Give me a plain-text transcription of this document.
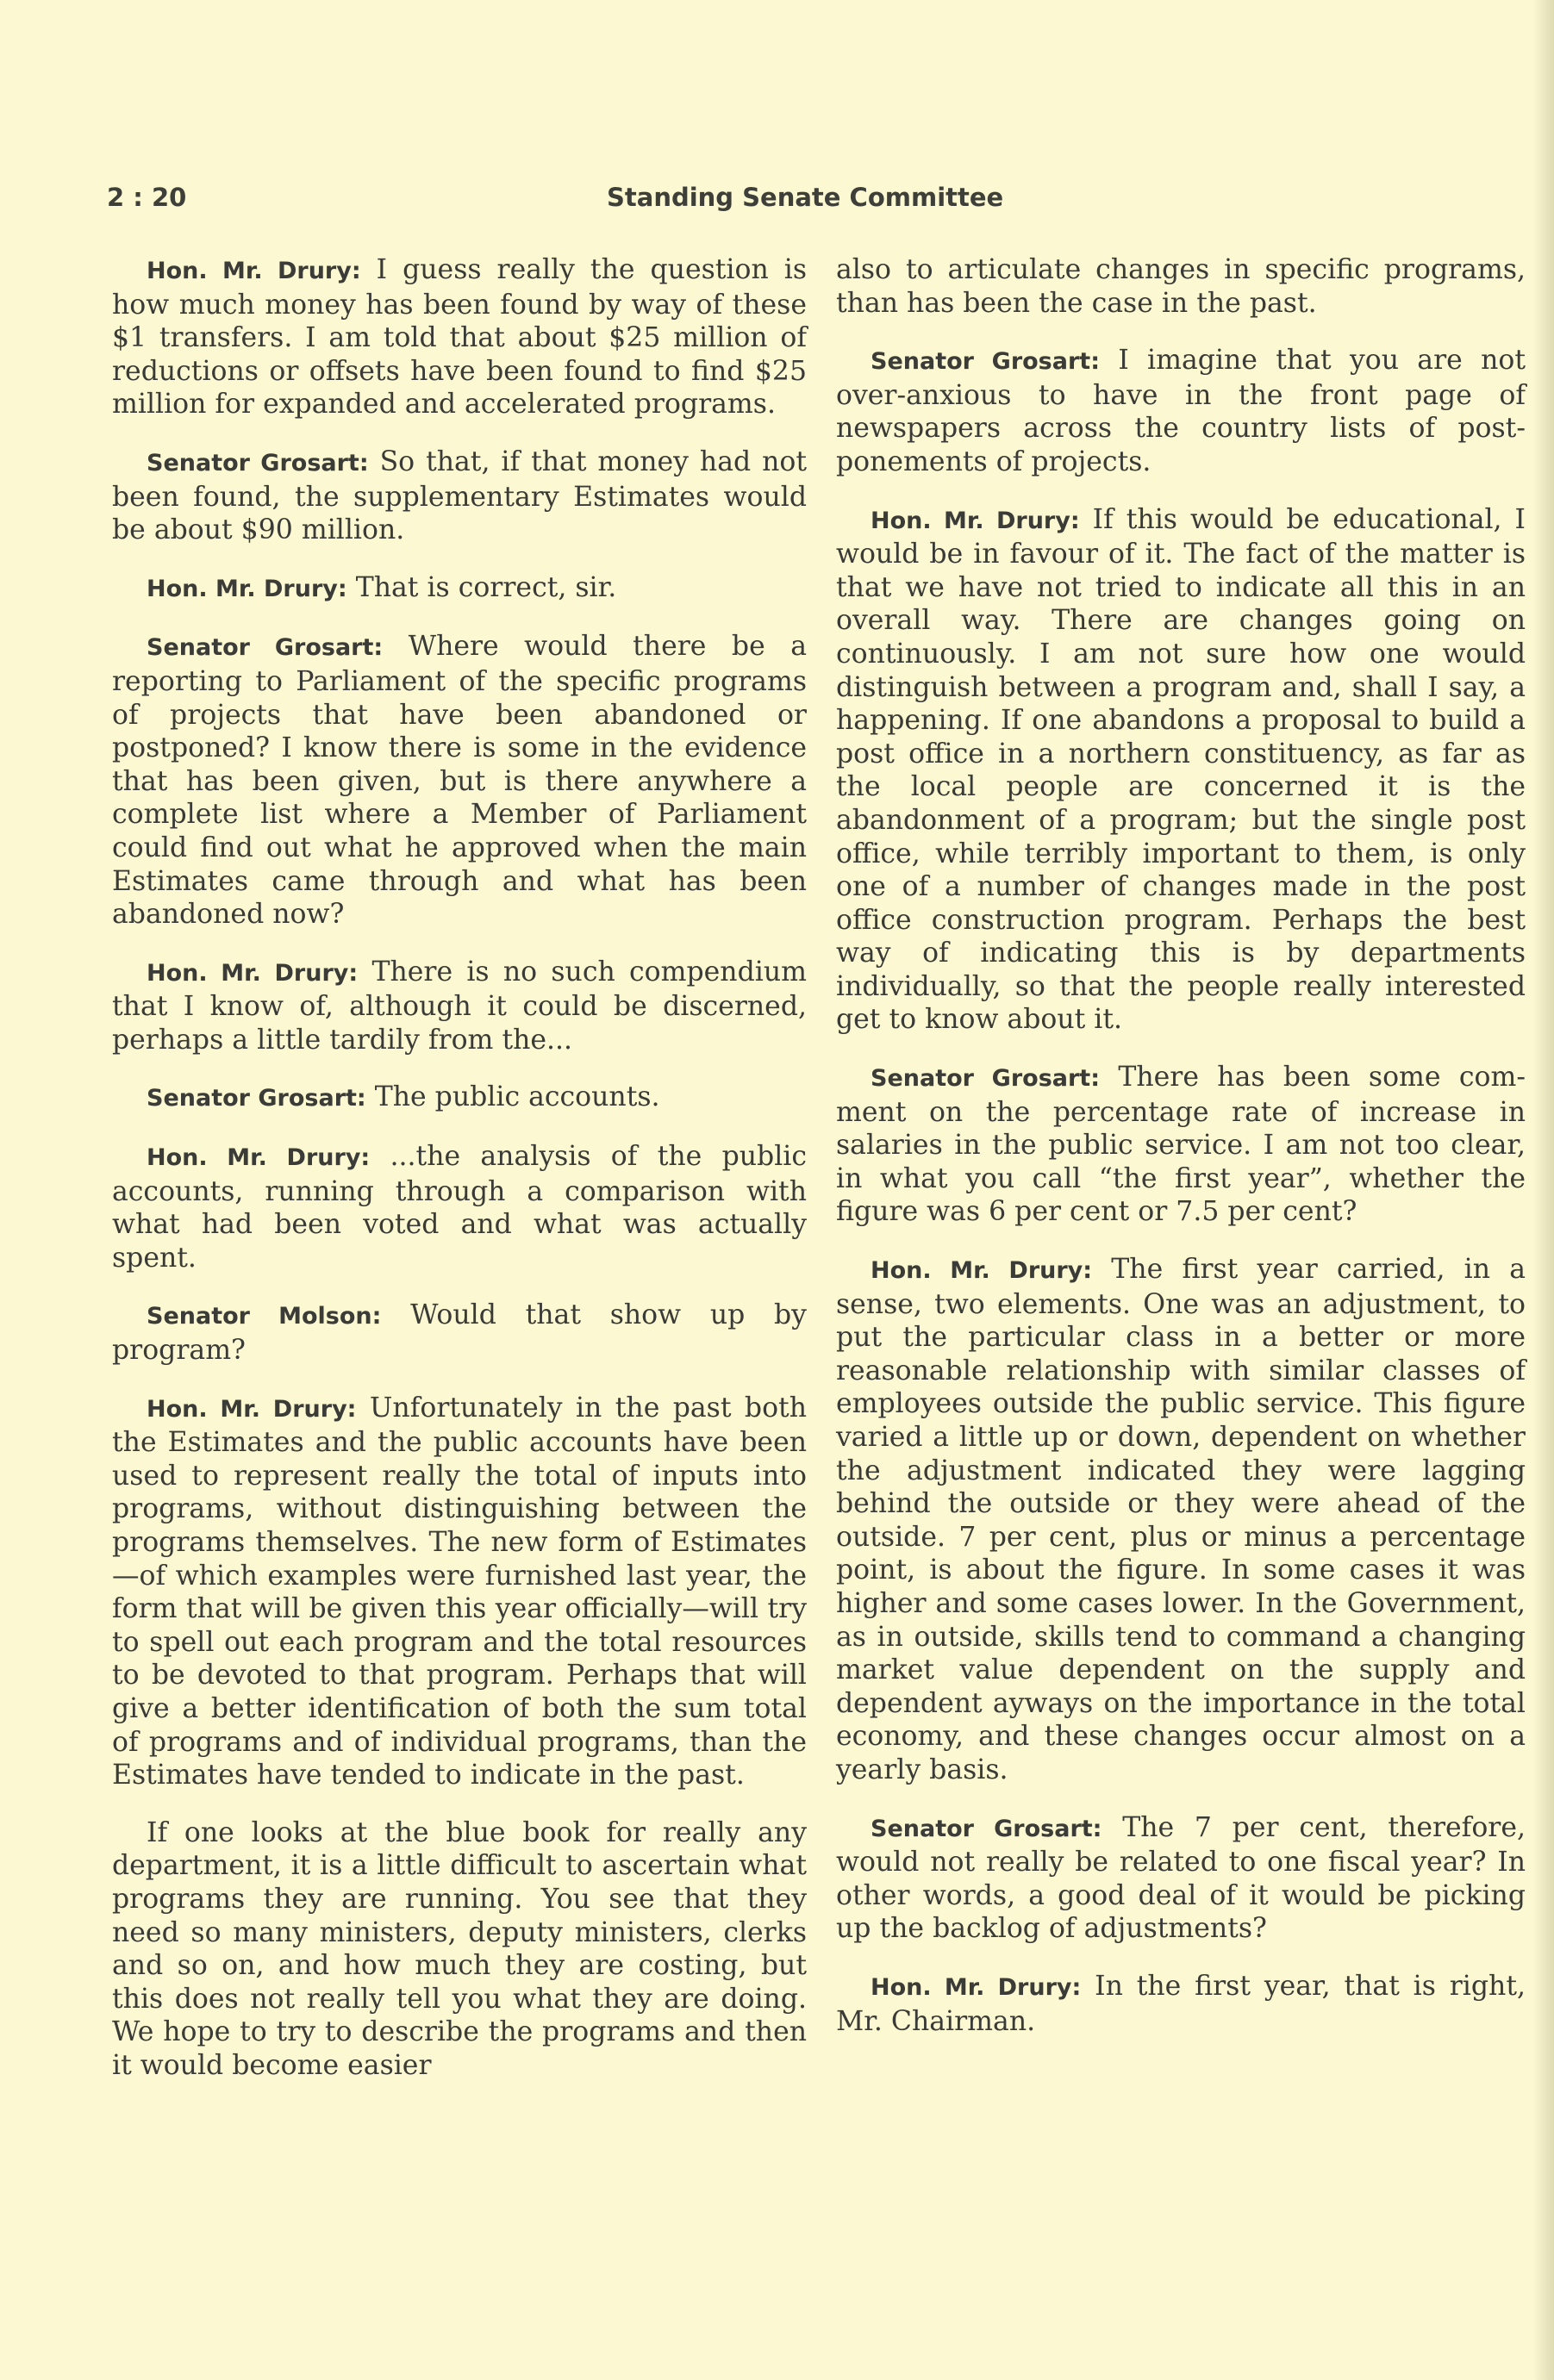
2 : 20	Standing Senate Committee

Hon. Mr. Drury: I guess really the question is how much money has been found by way of these $1 transfers. I am told that about $25 million of reductions or offsets have been found to find $25 million for expanded and accelerated programs.

Senator Grosart: So that, if that money had not been found, the supplementary Estimates would be about $90 million.

Hon. Mr. Drury: That is correct, sir.

Senator Grosart: Where would there be a reporting to Parliament of the specific programs of projects that have been abandoned or postponed? I know there is some in the evidence that has been given, but is there anywhere a complete list where a Member of Parliament could find out what he approved when the main Estimates came through and what has been abandoned now?

Hon. Mr. Drury: There is no such compendium that I know of, although it could be discerned, perhaps a little tardily from the...

Senator Grosart: The public accounts.

Hon. Mr. Drury: ...the analysis of the public accounts, running through a comparison with what had been voted and what was actually spent.

Senator Molson: Would that show up by program?

Hon. Mr. Drury: Unfortunately in the past both the Estimates and the public accounts have been used to represent really the total of inputs into programs, without distinguishing between the programs themselves. The new form of Estimates—of which examples were furnished last year, the form that will be given this year officially—will try to spell out each program and the total resources to be devoted to that program. Perhaps that will give a better identification of both the sum total of programs and of individual programs, than the Estimates have tended to indicate in the past.

If one looks at the blue book for really any department, it is a little difficult to ascertain what programs they are running. You see that they need so many ministers, deputy ministers, clerks and so on, and how much they are costing, but this does not really tell you what they are doing. We hope to try to describe the programs and then it would become easier

also to articulate changes in specific programs, than has been the case in the past.

Senator Grosart: I imagine that you are not over-anxious to have in the front page of newspapers across the country lists of postponements of projects.

Hon. Mr. Drury: If this would be educational, I would be in favour of it. The fact of the matter is that we have not tried to indicate all this in an overall way. There are changes going on continuously. I am not sure how one would distinguish between a program and, shall I say, a happening. If one abandons a proposal to build a post office in a northern constituency, as far as the local people are concerned it is the abandonment of a program; but the single post office, while terribly important to them, is only one of a number of changes made in the post office construction program. Perhaps the best way of indicating this is by departments individually, so that the people really interested get to know about it.

Senator Grosart: There has been some comment on the percentage rate of increase in salaries in the public service. I am not too clear, in what you call “the first year”, whether the figure was 6 per cent or 7.5 per cent?

Hon. Mr. Drury: The first year carried, in a sense, two elements. One was an adjustment, to put the particular class in a better or more reasonable relationship with similar classes of employees outside the public service. This figure varied a little up or down, dependent on whether the adjustment indicated they were lagging behind the outside or they were ahead of the outside. 7 per cent, plus or minus a percentage point, is about the figure. In some cases it was higher and some cases lower. In the Government, as in outside, skills tend to command a changing market value dependent on the supply and dependent ayways on the importance in the total economy, and these changes occur almost on a yearly basis.

Senator Grosart: The 7 per cent, therefore, would not really be related to one fiscal year? In other words, a good deal of it would be picking up the backlog of adjustments?

Hon. Mr. Drury: In the first year, that is right, Mr. Chairman.
